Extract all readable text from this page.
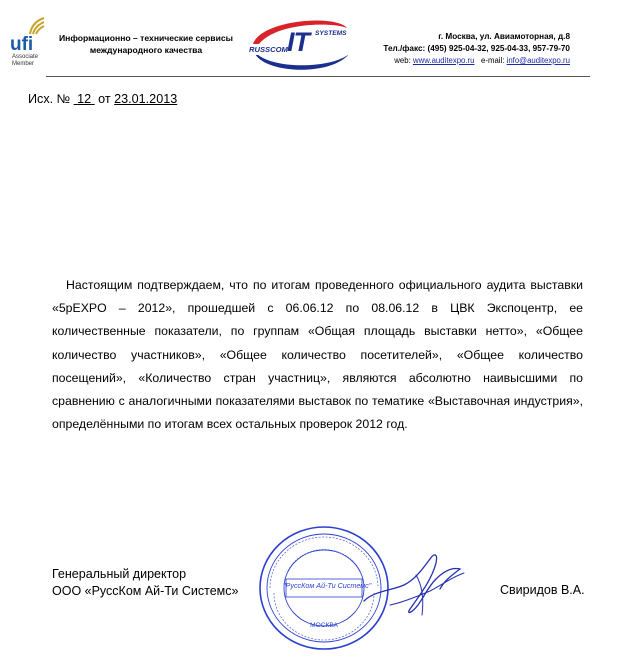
ufi
Associate
Member
Информационно – технические сервисы
международного качества	RUSSCOM IT SYSTEMS	г. Москва, ул. Авиамоторная, д.8
Тел./факс: (495) 925-04-32, 925-04-33, 957-79-70
web: www.auditexpo.ru e-mail: info@auditexpo.ru
Исх. № 12 от 23.01.2013
Настоящим подтверждаем, что по итогам проведенного официального аудита выставки «5pEXPO – 2012», прошедшей с 06.06.12 по 08.06.12 в ЦВК Экспоцентр, ее количественные показатели, по группам «Общая площадь выставки нетто», «Общее количество участников», «Общее количество посетителей», «Общее количество посещений», «Количество стран участниц», являются абсолютно наивысшими по сравнению с аналогичными показателями выставок по тематике «Выставочная индустрия», определёнными по итогам всех остальных проверок 2012 год.
Генеральный директор
ООО «РуссКом Ай-Ти Системс»	Свиридов В.А.
"РуссКом Ай-Ти Системс"
МОСКВА
